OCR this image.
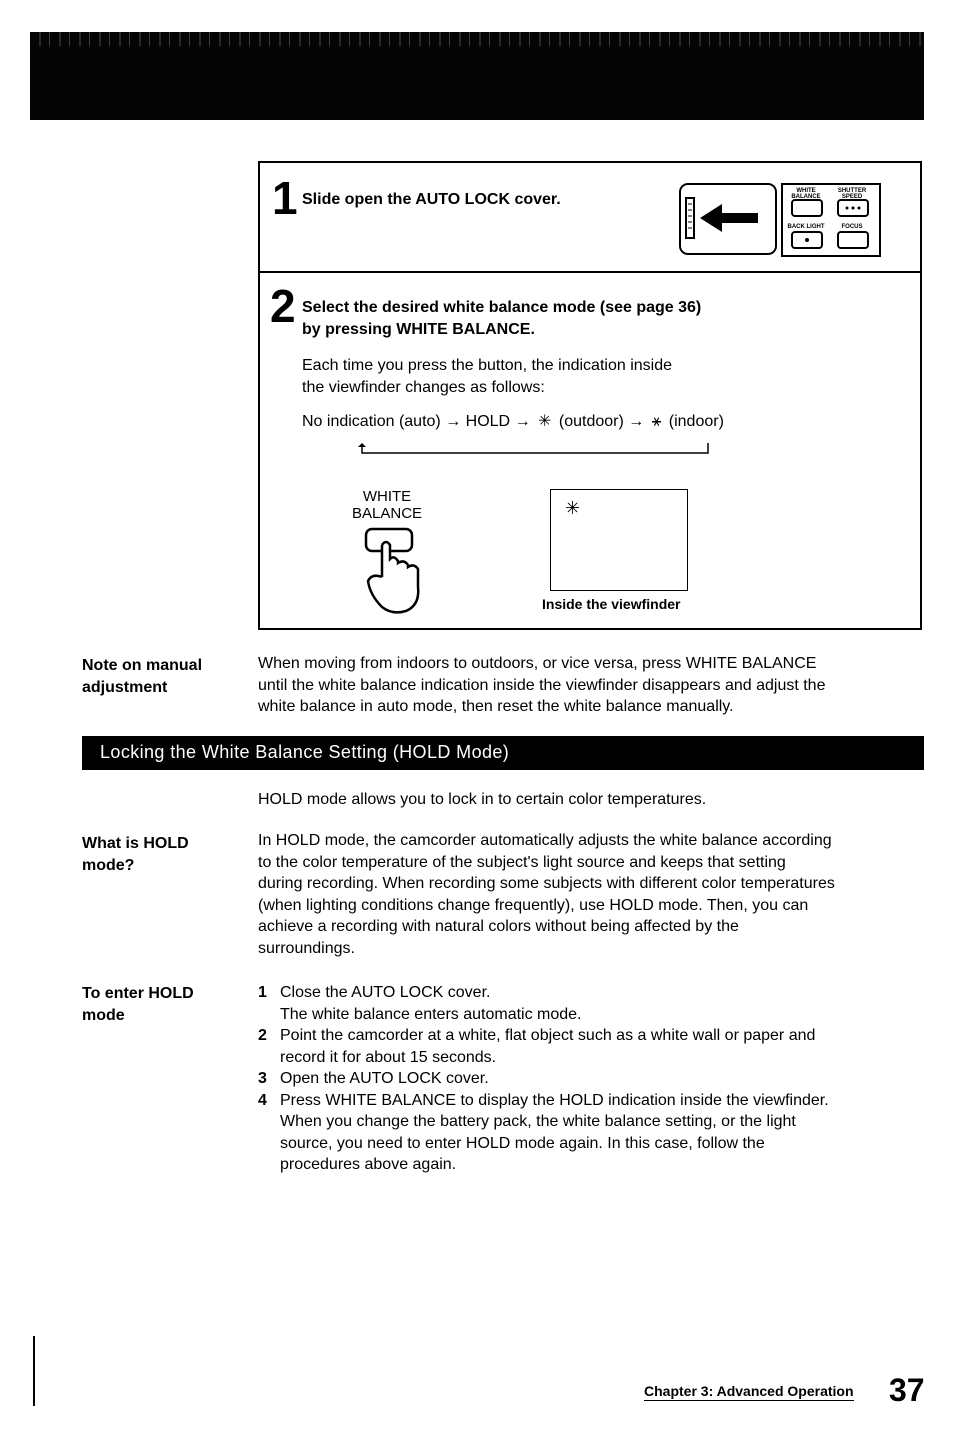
1 Slide open the AUTO LOCK cover.	WHITE BALANCE
SHUTTER SPEED
BACK LIGHT	FOCUS
2 Select the desired white balance mode (see page 36)
by pressing WHITE BALANCE.
Each time you press the button, the indication inside
the viewfinder changes as follows:
No indication (auto) → HOLD → ✳ (outdoor) → ⚹ (indoor)
WHITE
BALANCE	✳
Inside the viewfinder
Note on manual
adjustment
When moving from indoors to outdoors, or vice versa, press WHITE BALANCE
until the white balance indication inside the viewfinder disappears and adjust the
white balance in auto mode, then reset the white balance manually.
Locking the White Balance Setting (HOLD Mode)
HOLD mode allows you to lock in to certain color temperatures.
What is HOLD
mode?
In HOLD mode, the camcorder automatically adjusts the white balance according
to the color temperature of the subject's light source and keeps that setting
during recording. When recording some subjects with different color temperatures
(when lighting conditions change frequently), use HOLD mode. Then, you can
achieve a recording with natural colors without being affected by the
surroundings.
To enter HOLD
mode
1 Close the AUTO LOCK cover.
The white balance enters automatic mode.
2 Point the camcorder at a white, flat object such as a white wall or paper and
record it for about 15 seconds.
3 Open the AUTO LOCK cover.
4 Press WHITE BALANCE to display the HOLD indication inside the viewfinder.
When you change the battery pack, the white balance setting, or the light
source, you need to enter HOLD mode again. In this case, follow the
procedures above again.
Chapter 3: Advanced Operation 37
